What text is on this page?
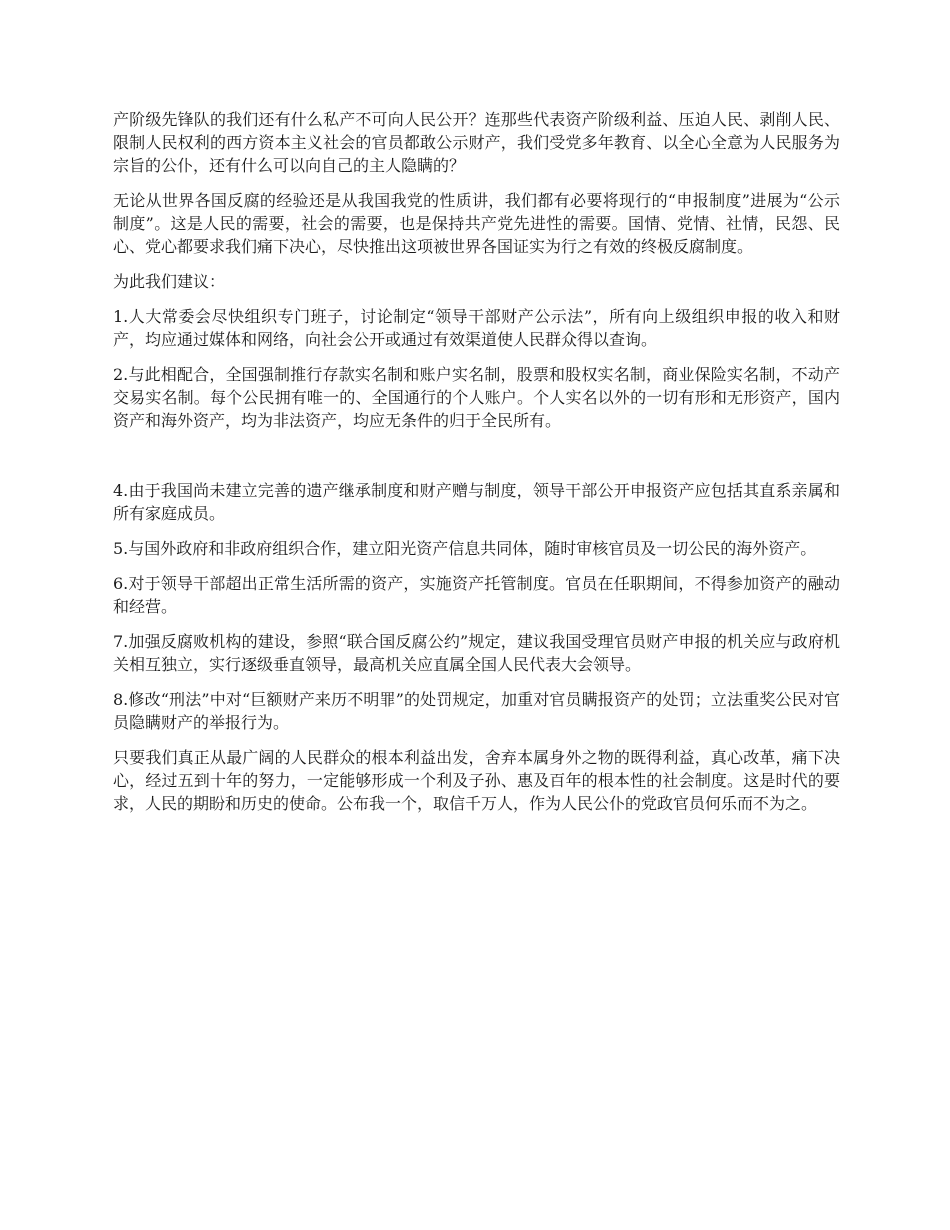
产阶级先锋队的我们还有什么私产不可向人民公开？连那些代表资产阶级利益、压迫人民、剥削人民、限制人民权利的西方资本主义社会的官员都敢公示财产，我们受党多年教育、以全心全意为人民服务为宗旨的公仆，还有什么可以向自己的主人隐瞒的？

无论从世界各国反腐的经验还是从我国我党的性质讲，我们都有必要将现行的“申报制度”进展为“公示制度”。这是人民的需要，社会的需要，也是保持共产党先进性的需要。国情、党情、社情，民怨、民心、党心都要求我们痛下决心，尽快推出这项被世界各国证实为行之有效的终极反腐制度。

为此我们建议：

1.人大常委会尽快组织专门班子，讨论制定“领导干部财产公示法”，所有向上级组织申报的收入和财产，均应通过媒体和网络，向社会公开或通过有效渠道使人民群众得以查询。

2.与此相配合，全国强制推行存款实名制和账户实名制，股票和股权实名制，商业保险实名制，不动产交易实名制。每个公民拥有唯一的、全国通行的个人账户。个人实名以外的一切有形和无形资产，国内资产和海外资产，均为非法资产，均应无条件的归于全民所有。

4.由于我国尚未建立完善的遗产继承制度和财产赠与制度，领导干部公开申报资产应包括其直系亲属和所有家庭成员。

5.与国外政府和非政府组织合作，建立阳光资产信息共同体，随时审核官员及一切公民的海外资产。

6.对于领导干部超出正常生活所需的资产，实施资产托管制度。官员在任职期间，不得参加资产的融动和经营。

7.加强反腐败机构的建设，参照“联合国反腐公约”规定，建议我国受理官员财产申报的机关应与政府机关相互独立，实行逐级垂直领导，最高机关应直属全国人民代表大会领导。

8.修改“刑法”中对“巨额财产来历不明罪”的处罚规定，加重对官员瞒报资产的处罚；立法重奖公民对官员隐瞒财产的举报行为。

只要我们真正从最广阔的人民群众的根本利益出发，舍弃本属身外之物的既得利益，真心改革，痛下决心，经过五到十年的努力，一定能够形成一个利及子孙、惠及百年的根本性的社会制度。这是时代的要求，人民的期盼和历史的使命。公布我一个，取信千万人，作为人民公仆的党政官员何乐而不为之。
